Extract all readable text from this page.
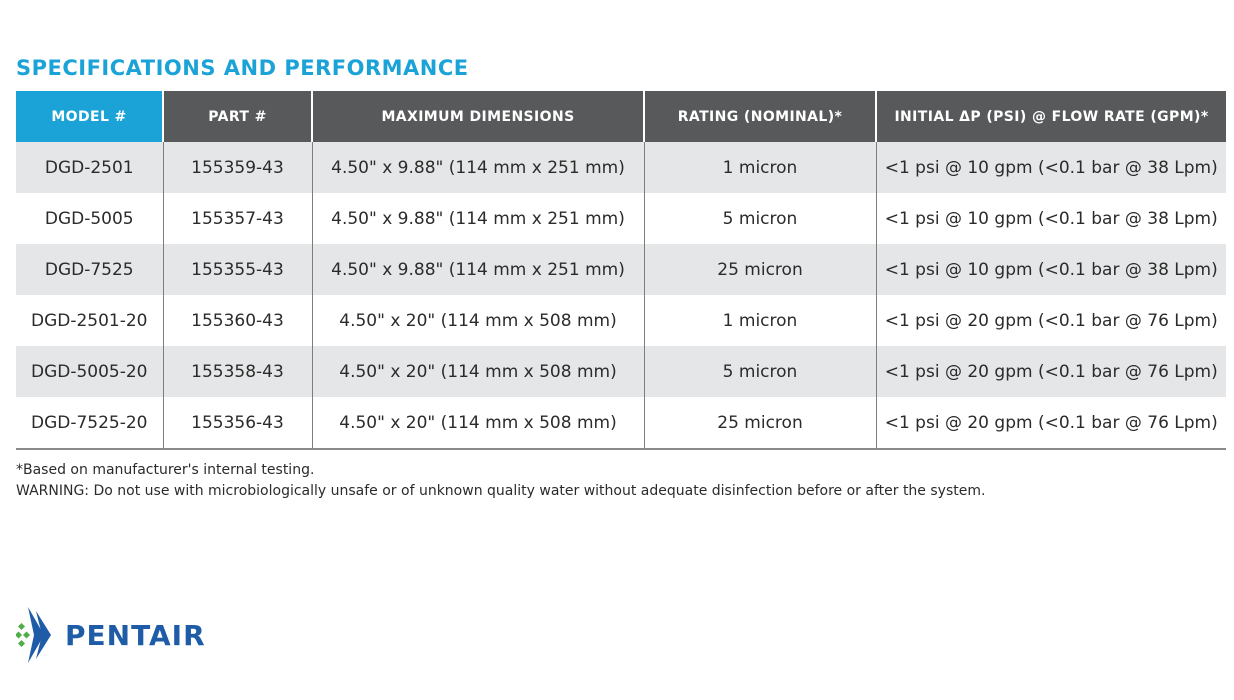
SPECIFICATIONS AND PERFORMANCE
MODEL #	PART #	MAXIMUM DIMENSIONS	RATING (NOMINAL)*	INITIAL ΔP (PSI) @ FLOW RATE (GPM)*
DGD-2501	155359-43	4.50" x 9.88" (114 mm x 251 mm)	1 micron	<1 psi @ 10 gpm (<0.1 bar @ 38 Lpm)
DGD-5005	155357-43	4.50" x 9.88" (114 mm x 251 mm)	5 micron	<1 psi @ 10 gpm (<0.1 bar @ 38 Lpm)
DGD-7525	155355-43	4.50" x 9.88" (114 mm x 251 mm)	25 micron	<1 psi @ 10 gpm (<0.1 bar @ 38 Lpm)
DGD-2501-20	155360-43	4.50" x 20" (114 mm x 508 mm)	1 micron	<1 psi @ 20 gpm (<0.1 bar @ 76 Lpm)
DGD-5005-20	155358-43	4.50" x 20" (114 mm x 508 mm)	5 micron	<1 psi @ 20 gpm (<0.1 bar @ 76 Lpm)
DGD-7525-20	155356-43	4.50" x 20" (114 mm x 508 mm)	25 micron	<1 psi @ 20 gpm (<0.1 bar @ 76 Lpm)
*Based on manufacturer's internal testing.
WARNING: Do not use with microbiologically unsafe or of unknown quality water without adequate disinfection before or after the system.
PENTAIR
